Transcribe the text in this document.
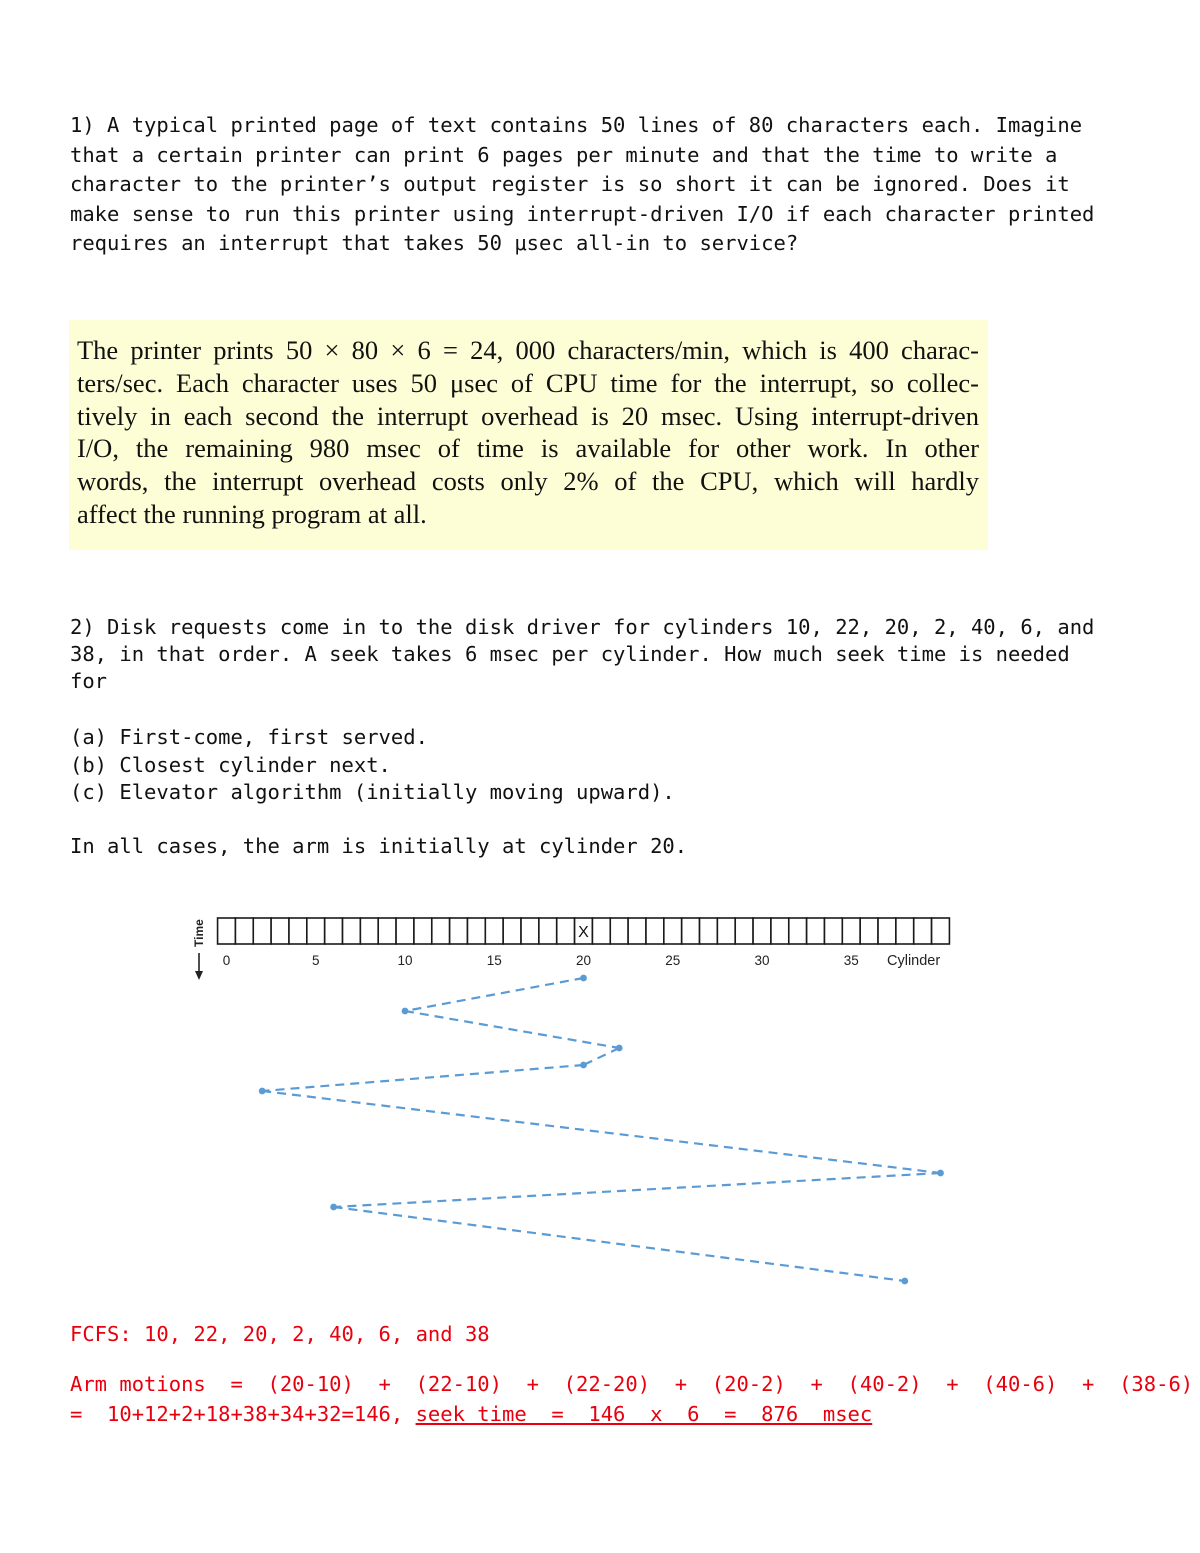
1) A typical printed page of text contains 50 lines of 80 characters each. Imagine
that a certain printer can print 6 pages per minute and that the time to write a
character to the printer’s output register is so short it can be ignored. Does it
make sense to run this printer using interrupt-driven I/O if each character printed
requires an interrupt that takes 50 μsec all-in to service?
The printer prints 50 × 80 × 6 = 24, 000 characters/min, which is 400 charac-
ters/sec. Each character uses 50 μsec of CPU time for the interrupt, so collec-
tively in each second the interrupt overhead is 20 msec. Using interrupt-driven
I/O, the remaining 980 msec of time is available for other work. In other
words, the interrupt overhead costs only 2% of the CPU, which will hardly
affect the running program at all.
2) Disk requests come in to the disk driver for cylinders 10, 22, 20, 2, 40, 6, and
38, in that order. A seek takes 6 msec per cylinder. How much seek time is needed
for
(a) First-come, first served.
(b) Closest cylinder next.
(c) Elevator algorithm (initially moving upward).
In all cases, the arm is initially at cylinder 20.
X
0	5	10	15	20	25	30	35 Cylinder
Time
FCFS: 10, 22, 20, 2, 40, 6, and 38
Arm motions  =  (20-10)  +  (22-10)  +  (22-20)  +  (20-2)  +  (40-2)  +  (40-6)  +  (38-6)
=  10+12+2+18+38+34+32=146, seek time  =  146  x  6  =  876  msec
